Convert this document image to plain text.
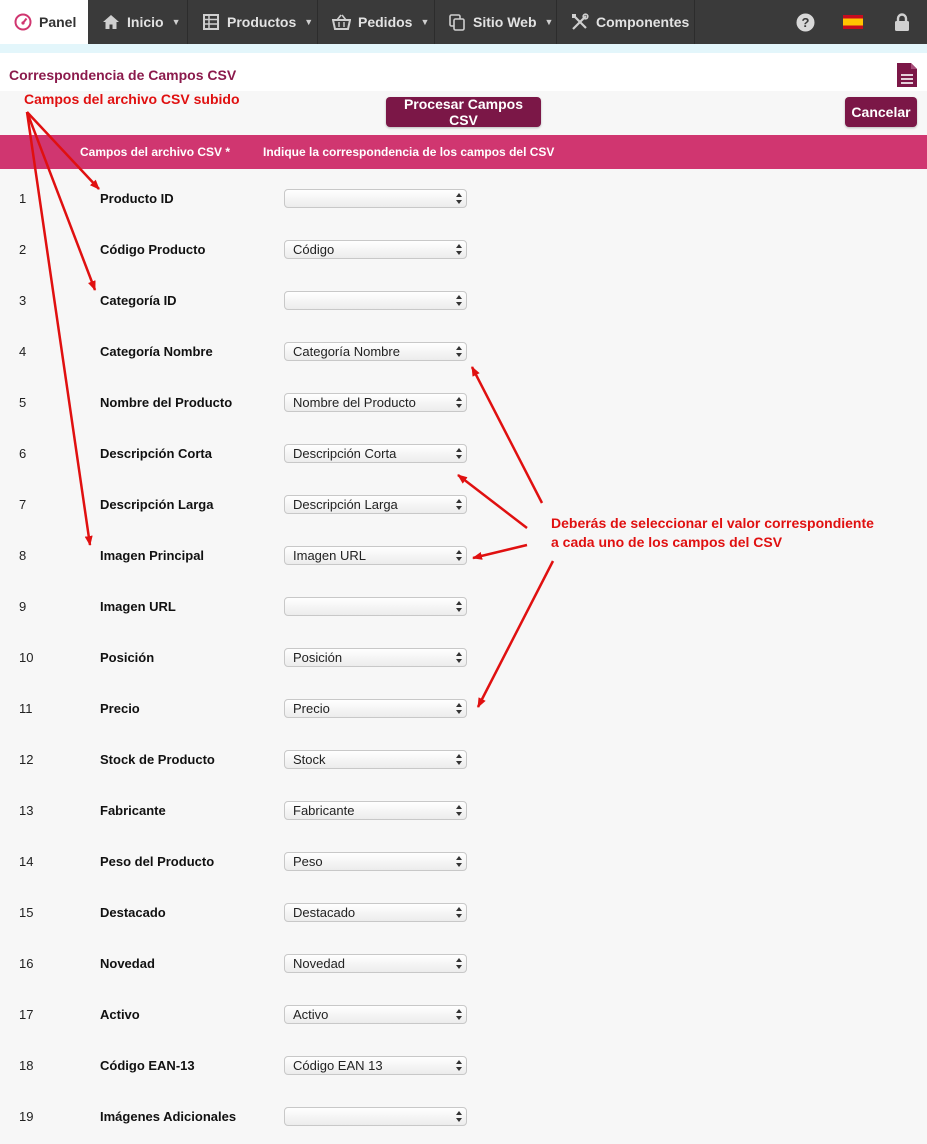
Panel	Inicio ▼	Productos ▼	Pedidos ▼	Sitio Web ▼	Componentes	?
Correspondencia de Campos CSV
Procesar Campos CSV	Cancelar
Campos del archivo CSV *	Indique la correspondencia de los campos del CSV
1	Producto ID
2	Código Producto	Código
3	Categoría ID
4	Categoría Nombre	Categoría Nombre
5	Nombre del Producto	Nombre del Producto
6	Descripción Corta	Descripción Corta
7	Descripción Larga	Descripción Larga
8	Imagen Principal	Imagen URL
9	Imagen URL
10	Posición	Posición
11	Precio	Precio
12	Stock de Producto	Stock
13	Fabricante	Fabricante
14	Peso del Producto	Peso
15	Destacado	Destacado
16	Novedad	Novedad
17	Activo	Activo
18	Código EAN-13	Código EAN 13
19	Imágenes Adicionales
Campos del archivo CSV subido
Deberás de seleccionar el valor correspondiente
a cada uno de los campos del CSV
